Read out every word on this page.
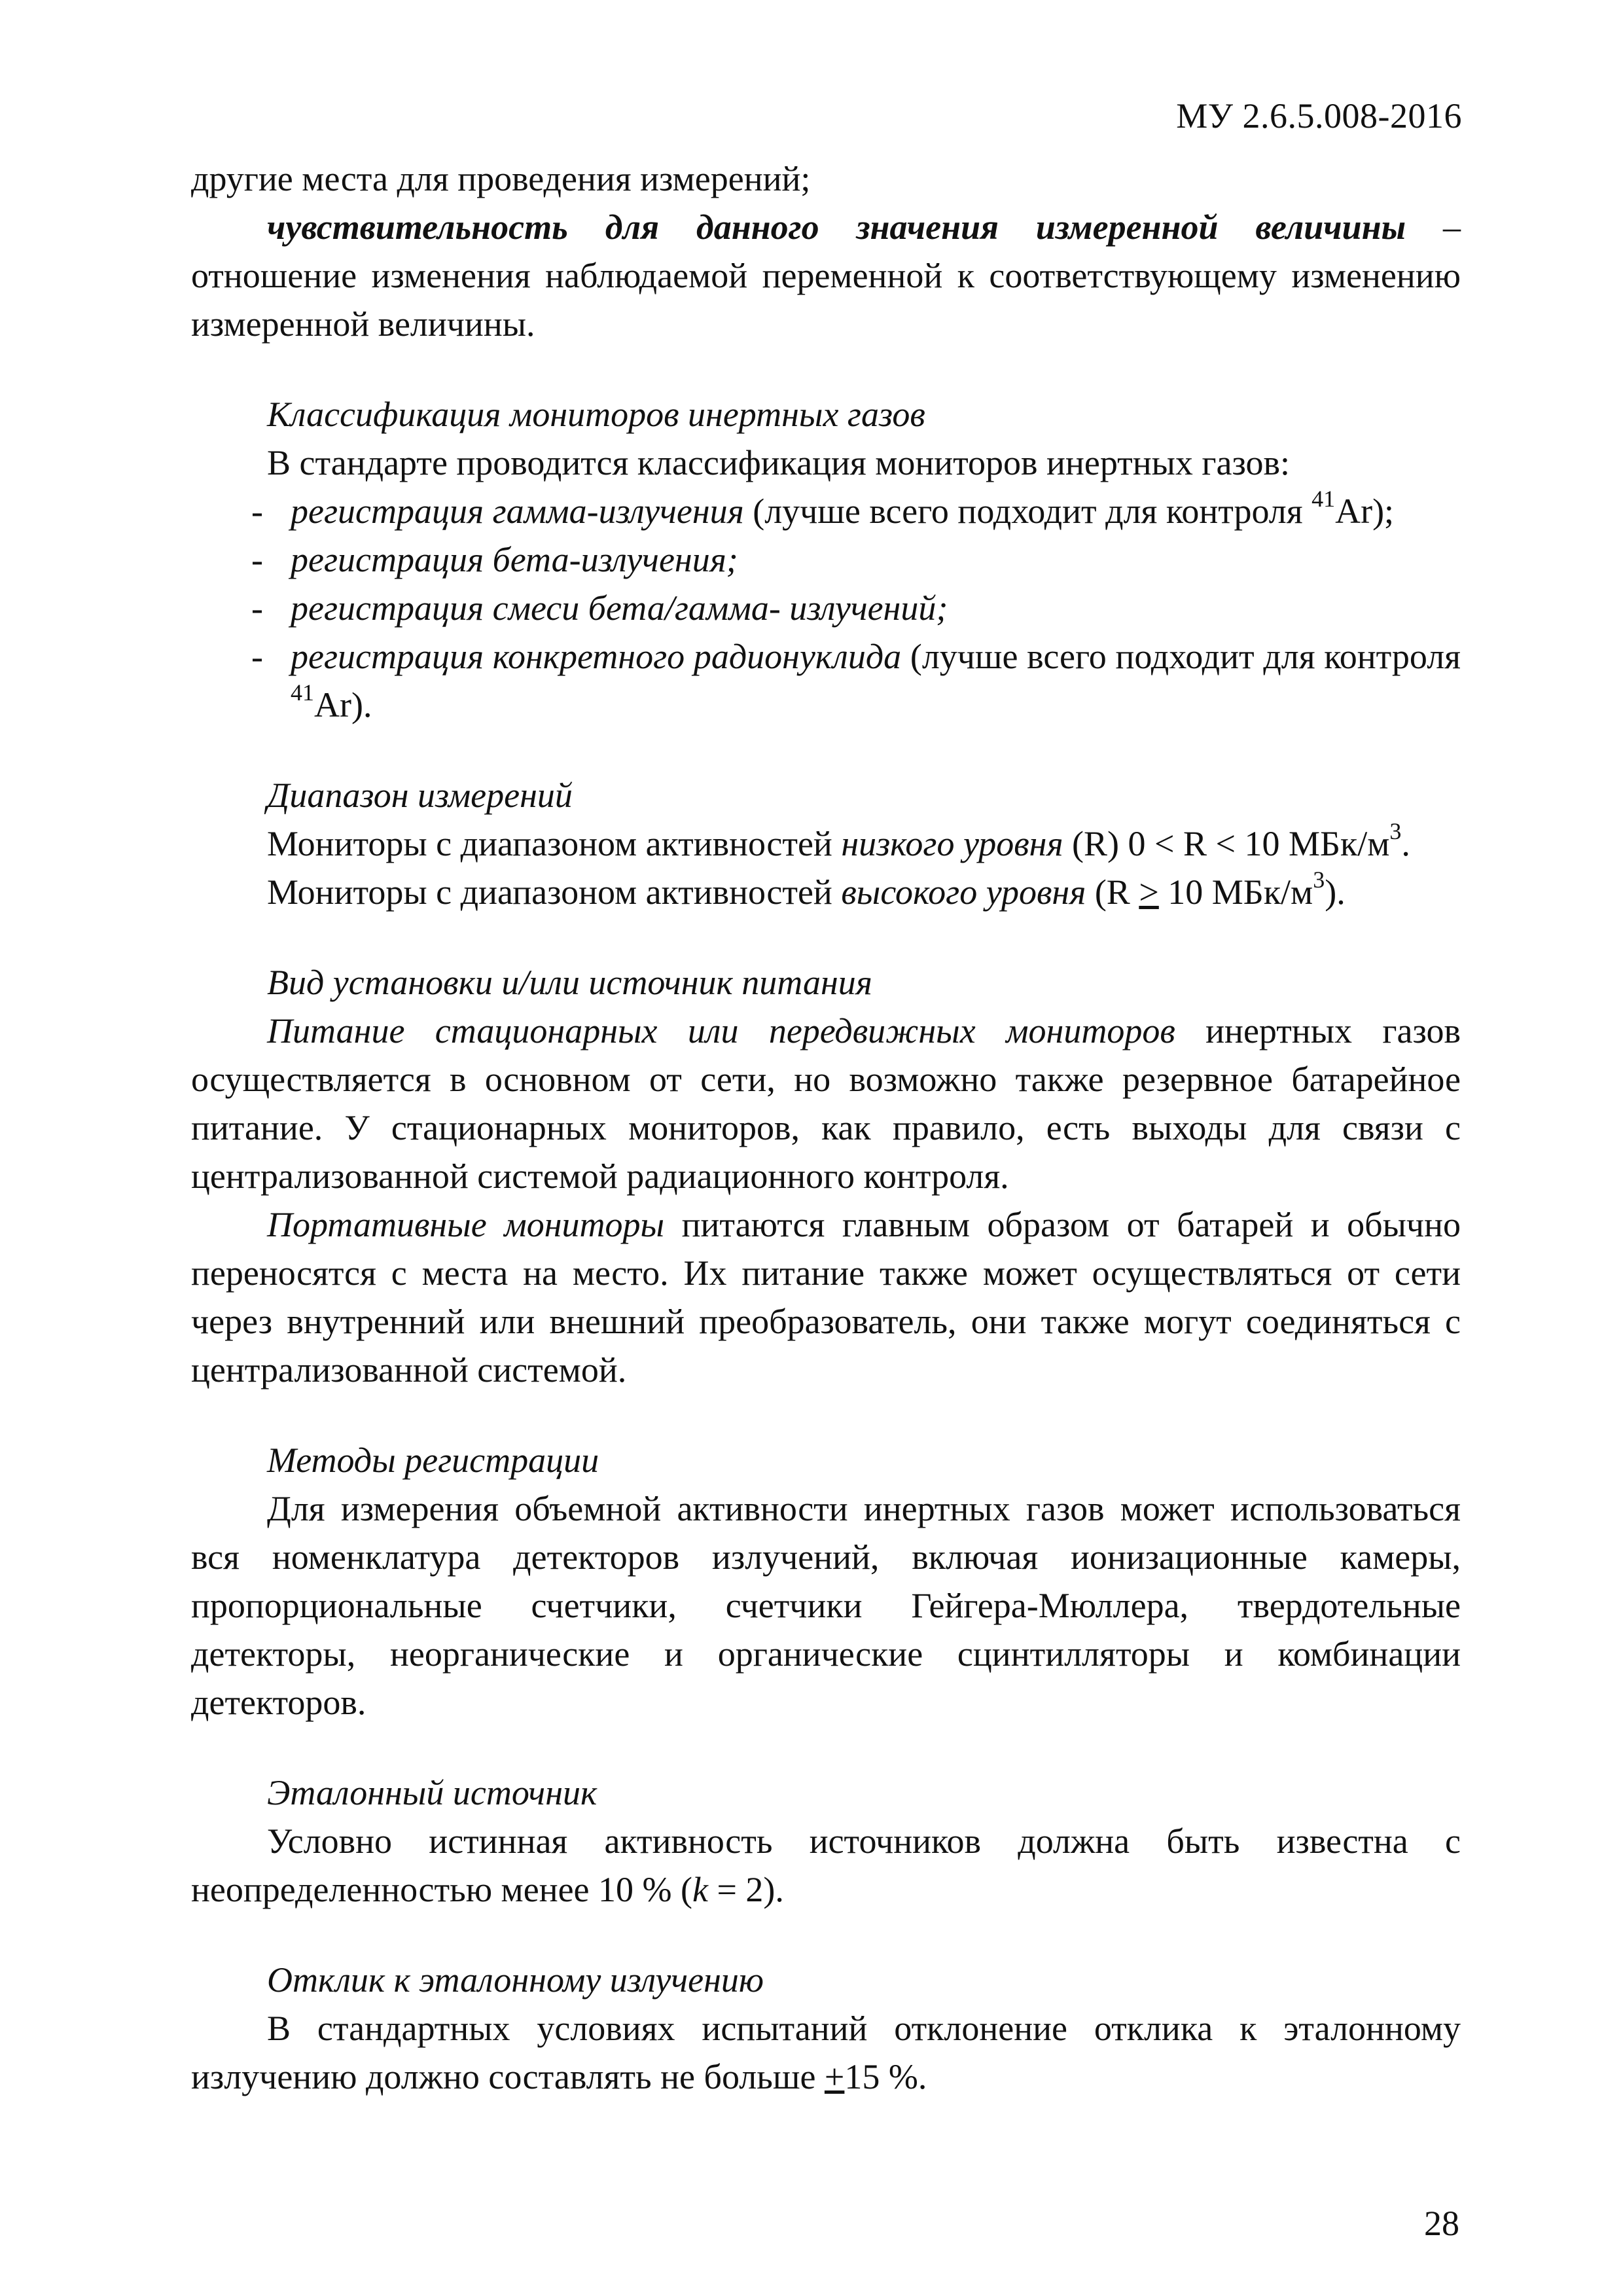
МУ 2.6.5.008-2016

другие места для проведения измерений;

чувствительность для данного значения измеренной величины – отношение изменения наблюдаемой переменной к соответствующему изменению измеренной величины.

Классификация мониторов инертных газов

В стандарте проводится классификация мониторов инертных газов:

- регистрация гамма-излучения (лучше всего подходит для контроля $^{41}$Ar);
- регистрация бета-излучения;
- регистрация смеси бета/гамма- излучений;
- регистрация конкретного радионуклида (лучше всего подходит для контроля $^{41}$Ar).
Диапазон измерений

Мониторы с диапазоном активностей низкого уровня (R) 0 < R < 10 МБк/$м^3$.

Мониторы с диапазоном активностей высокого уровня (R ≥ 10 МБк/$м^3$).

Вид установки и/или источник питания

Питание стационарных или передвижных мониторов инертных газов осуществляется в основном от сети, но возможно также резервное батарейное питание. У стационарных мониторов, как правило, есть выходы для связи с централизованной системой радиационного контроля.

Портативные мониторы питаются главным образом от батарей и обычно переносятся с места на место. Их питание также может осуществляться от сети через внутренний или внешний преобразователь, они также могут соединяться с централизованной системой.

Методы регистрации

Для измерения объемной активности инертных газов может использоваться вся номенклатура детекторов излучений, включая ионизационные камеры, пропорциональные счетчики, счетчики Гейгера-Мюллера, твердотельные детекторы, неорганические и органические сцинтилляторы и комбинации детекторов.

Эталонный источник

Условно истинная активность источников должна быть известна с неопределенностью менее 10 % (k = 2).

Отклик к эталонному излучению

В стандартных условиях испытаний отклонение отклика к эталонному излучению должно составлять не больше +15 %.

28
